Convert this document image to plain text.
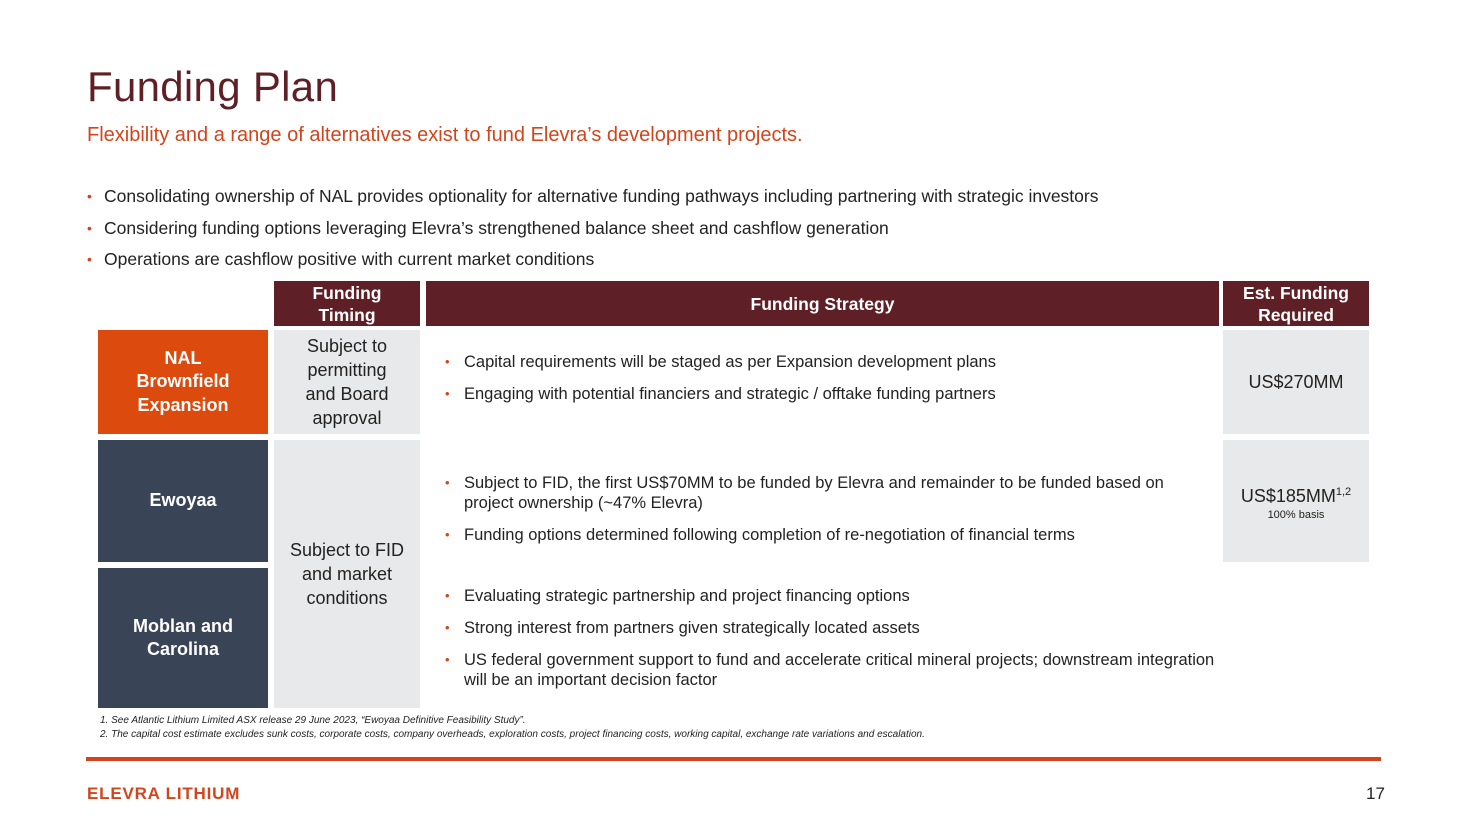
Funding Plan
Flexibility and a range of alternatives exist to fund Elevra’s development projects.
• Consolidating ownership of NAL provides optionality for alternative funding pathways including partnering with strategic investors
• Considering funding options leveraging Elevra’s strengthened balance sheet and cashflow generation
• Operations are cashflow positive with current market conditions
Funding Timing
Funding Strategy
Est. Funding Required
NAL Brownfield Expansion
Ewoyaa
Moblan and Carolina
Subject to permitting and Board approval
Subject to FID and market conditions
• Capital requirements will be staged as per Expansion development plans
• Engaging with potential financiers and strategic / offtake funding partners
• Subject to FID, the first US$70MM to be funded by Elevra and remainder to be funded based on project ownership (~47% Elevra)
• Funding options determined following completion of re-negotiation of financial terms
• Evaluating strategic partnership and project financing options
• Strong interest from partners given strategically located assets
• US federal government support to fund and accelerate critical mineral projects; downstream integration will be an important decision factor
US$270MM
US$185MM$^{1,2}$
100% basis
1. See Atlantic Lithium Limited ASX release 29 June 2023, “Ewoyaa Definitive Feasibility Study”.
2. The capital cost estimate excludes sunk costs, corporate costs, company overheads, exploration costs, project financing costs, working capital, exchange rate variations and escalation.
ELEVRA LITHIUM	17
